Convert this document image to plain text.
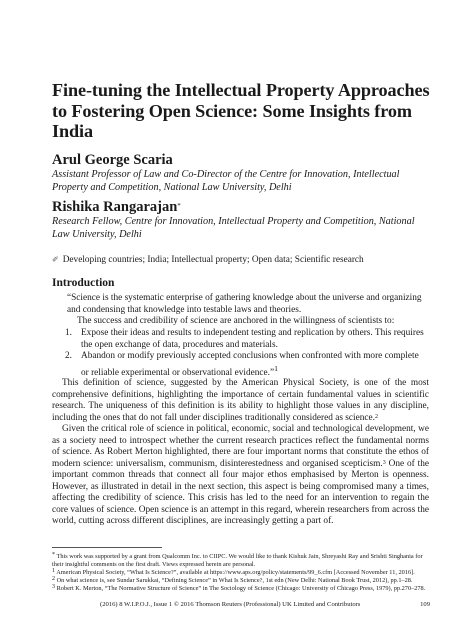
Fine-tuning the Intellectual Property Approaches to Fostering Open Science: Some Insights from India
Arul George Scaria
Assistant Professor of Law and Co-Director of the Centre for Innovation, Intellectual Property and Competition, National Law University, Delhi
Rishika Rangarajan*
Research Fellow, Centre for Innovation, Intellectual Property and Competition, National Law University, Delhi
✐ Developing countries; India; Intellectual property; Open data; Scientific research
Introduction
“Science is the systematic enterprise of gathering knowledge about the universe and organizing and condensing that knowledge into testable laws and theories.
The success and credibility of science are anchored in the willingness of scientists to:
1. Expose their ideas and results to independent testing and replication by others. This requires the open exchange of data, procedures and materials.
2. Abandon or modify previously accepted conclusions when confronted with more complete or reliable experimental or observational evidence.”$^1$
This definition of science, suggested by the American Physical Society, is one of the most comprehensive definitions, highlighting the importance of certain fundamental values in scientific research. The uniqueness of this definition is its ability to highlight those values in any discipline, including the ones that do not fall under disciplines traditionally considered as science.$^2$
Given the critical role of science in political, economic, social and technological development, we as a society need to introspect whether the current research practices reflect the fundamental norms of science. As Robert Merton highlighted, there are four important norms that constitute the ethos of modern science: universalism, communism, disinterestedness and organised scepticism.$^3$ One of the important common threads that connect all four major ethos emphasised by Merton is openness. However, as illustrated in detail in the next section, this aspect is being compromised many a times, affecting the credibility of science. This crisis has led to the need for an intervention to regain the core values of science. Open science is an attempt in this regard, wherein researchers from across the world, cutting across different disciplines, are increasingly getting a part of.
* This work was supported by a grant from Qualcomm Inc. to CIIPC. We would like to thank Kishuk Jain, Shreyashi Ray and Srishti Singhania for their insightful comments on the first draft. Views expressed herein are personal.
$^1$ American Physical Society, “What Is Science?”, available at https://www.aps.org/policy/statements/99_6.cfm [Accessed November 11, 2016].
$^2$ On what science is, see Sundar Sarukkai, “Defining Science” in What Is Science?, 1st edn (New Delhi: National Book Trust, 2012), pp.1–28.
$^3$ Robert K. Merton, “The Normative Structure of Science” in The Sociology of Science (Chicago: University of Chicago Press, 1979), pp.270–278.
(2016) 8 W.I.P.O.J., Issue 1 © 2016 Thomson Reuters (Professional) UK Limited and Contributors	109
